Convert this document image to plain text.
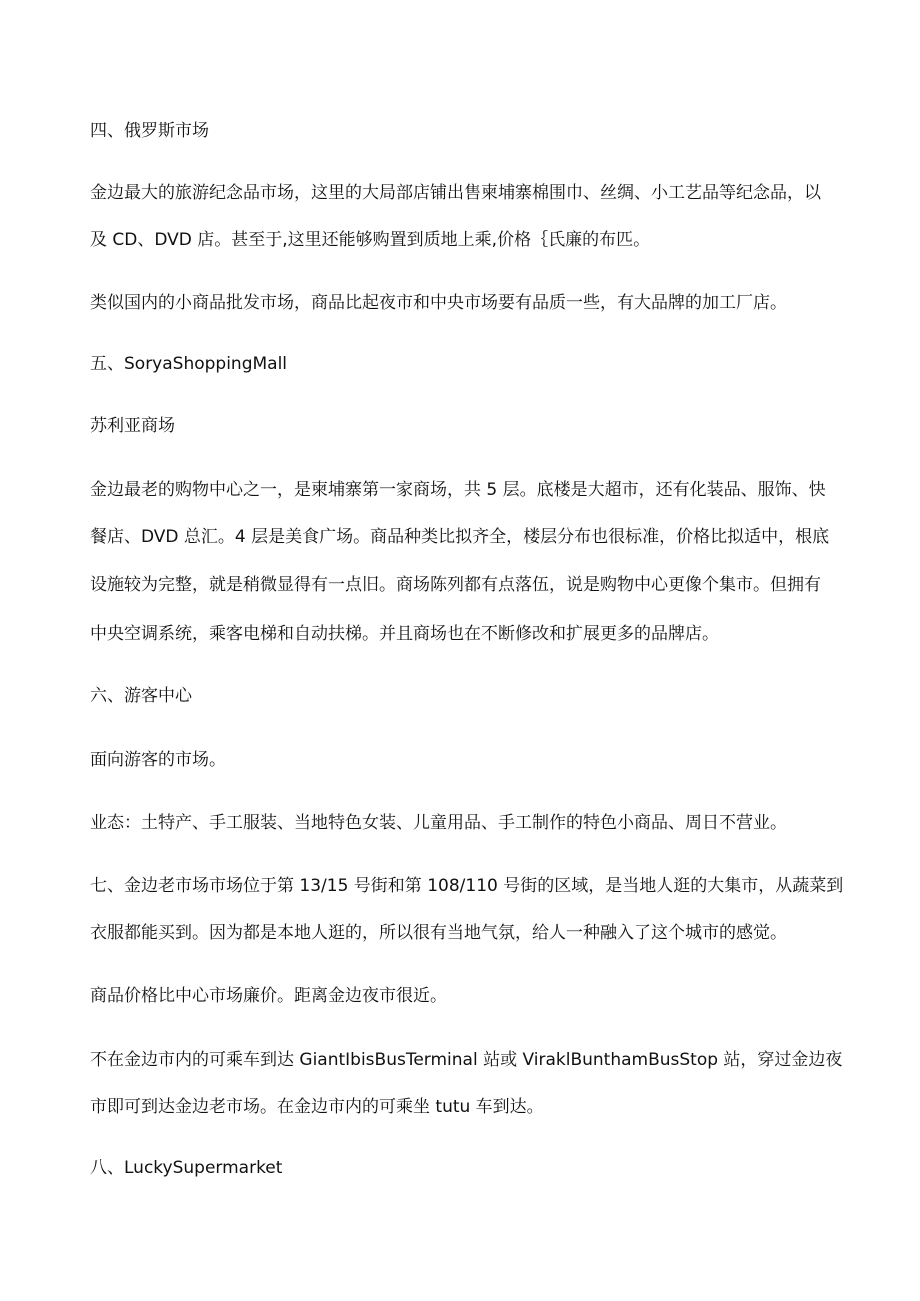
四、俄罗斯市场
金边最大的旅游纪念品市场，这里的大局部店铺出售柬埔寨棉围巾、丝绸、小工艺品等纪念品，以
及 CD、DVD 店。甚至于,这里还能够购置到质地上乘,价格｛氏廉的布匹。
类似国内的小商品批发市场，商品比起夜市和中央市场要有品质一些，有大品牌的加工厂店。
五、SoryaShoppingMall
苏利亚商场
金边最老的购物中心之一，是柬埔寨第一家商场，共 5 层。底楼是大超市，还有化装品、服饰、快
餐店、DVD 总汇。4 层是美食广场。商品种类比拟齐全，楼层分布也很标准，价格比拟适中，根底
设施较为完整，就是稍微显得有一点旧。商场陈列都有点落伍，说是购物中心更像个集市。但拥有
中央空调系统，乘客电梯和自动扶梯。并且商场也在不断修改和扩展更多的品牌店。
六、游客中心
面向游客的市场。
业态：土特产、手工服装、当地特色女装、儿童用品、手工制作的特色小商品、周日不营业。
七、金边老市场市场位于第 13/15 号街和第 108/110 号街的区域，是当地人逛的大集市，从蔬菜到
衣服都能买到。因为都是本地人逛的，所以很有当地气氛，给人一种融入了这个城市的感觉。
商品价格比中心市场廉价。距离金边夜市很近。
不在金边市内的可乘车到达 GiantIbisBusTerminal 站或 ViraklBunthamBusStop 站，穿过金边夜
市即可到达金边老市场。在金边市内的可乘坐 tutu 车到达。
八、LuckySupermarket
